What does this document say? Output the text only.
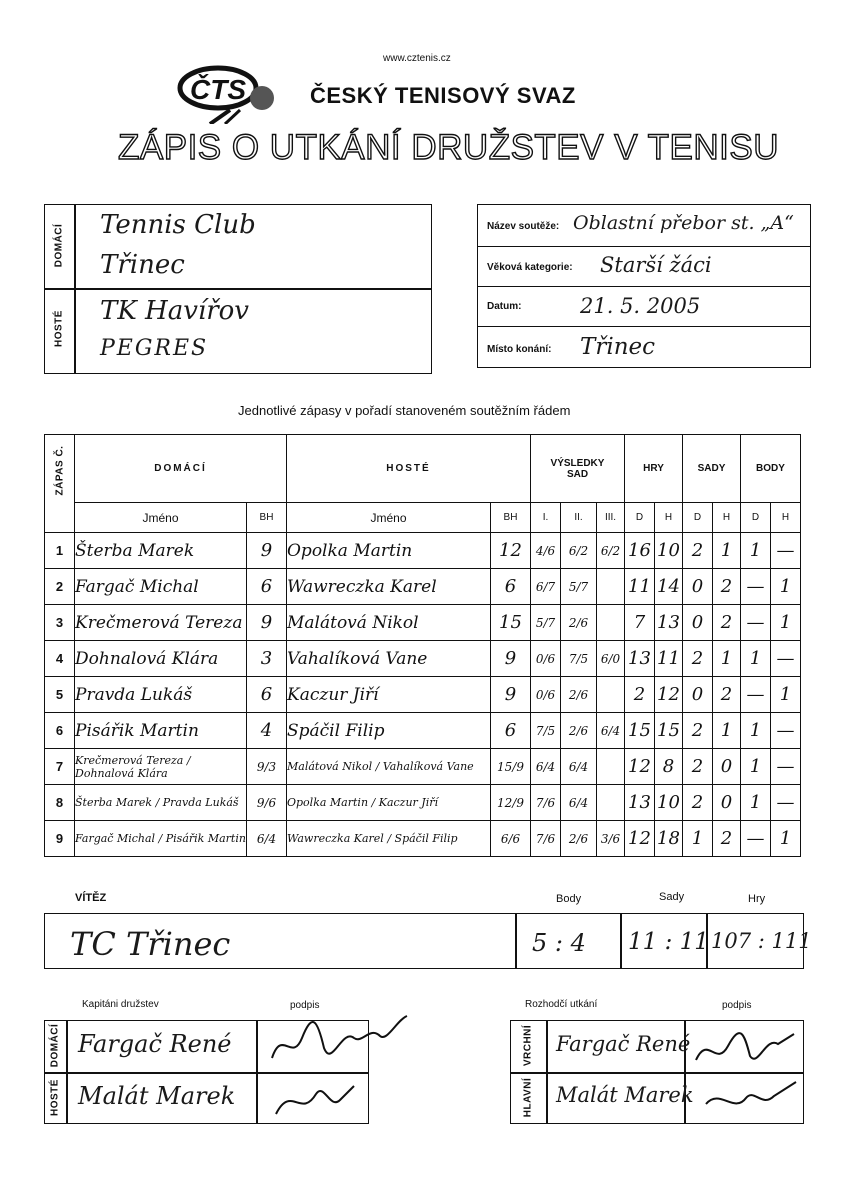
www.cztenis.cz
ČTS	ČESKÝ TENISOVÝ SVAZ
ZÁPIS O UTKÁNÍ DRUŽSTEV V TENISU
DOMÁCÍ
HOSTÉ
Tennis Club
Třinec
TK Havířov
PEGRES
Název soutěže: Oblastní přebor st. „A“
Věková kategorie: Starší žáci
Datum:	21. 5. 2005
Místo konání: Třinec
Jednotlivé zápasy v pořadí stanoveném soutěžním řádem
ZÁPAS Č.	DOMÁCÍ		HOSTÉ		VÝSLEDKY SAD			HRY		SADY		BODY	
	Jméno	BH	Jméno	BH	I.	II.	III.	D	H	D	H	D	H
1	Šterba Marek	9	Opolka Martin	12	4/6	6/2	6/2	16	10	2	1	1	—
2	Fargač Michal	6	Wawreczka Karel	6	6/7	5/7		11	14	0	2	—	1
3	Krečmerová Tereza	9	Malátová Nikol	15	5/7	2/6		7	13	0	2	—	1
4	Dohnalová Klára	3	Vahalíková Vane	9	0/6	7/5	6/0	13	11	2	1	1	—
5	Pravda Lukáš	6	Kaczur Jiří	9	0/6	2/6		2	12	0	2	—	1
6	Pisářik Martin	4	Spáčil Filip	6	7/5	2/6	6/4	15	15	2	1	1	—
7	Krečmerová Tereza / Dohnalová Klára	9/3	Malátová Nikol / Vahalíková Vane	15/9	6/4	6/4		12	8	2	0	1	—
8	Šterba Marek / Pravda Lukáš	9/6	Opolka Martin / Kaczur Jiří	12/9	7/6	6/4		13	10	2	0	1	—
9	Fargač Michal / Pisářik Martin	6/4	Wawreczka Karel / Spáčil Filip	6/6	7/6	2/6	3/6	12	18	1	2	—	1
VÍTĚZ	Body	Sady	Hry
TC Třinec	5 : 4 11 : 11 107 : 111
Kapitáni družstev	podpis
DOMÁCÍ
HOSTÉ
Fargač René
Malát Marek
Rozhodčí utkání	podpis
VRCHNÍ
HLAVNÍ
Fargač René
Malát Marek
